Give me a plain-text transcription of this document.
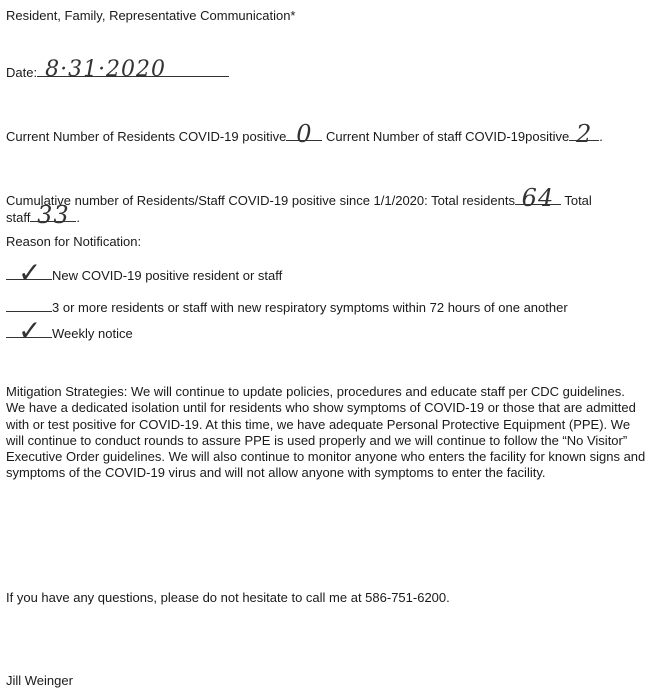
Resident, Family, Representative Communication*
Date: 8·31·2020
Current Number of Residents COVID-19 positive 0 Current Number of staff COVID-19positive 2 .
Cumulative number of Residents/Staff COVID-19 positive since 1/1/2020: Total residents 64 Total
staff 33 .
Reason for Notification:
✓ New COVID-19 positive resident or staff
3 or more residents or staff with new respiratory symptoms within 72 hours of one another
✓ Weekly notice
Mitigation Strategies: We will continue to update policies, procedures and educate staff per CDC guidelines. We have a dedicated isolation until for residents who show symptoms of COVID-19 or those that are admitted with or test positive for COVID-19. At this time, we have adequate Personal Protective Equipment (PPE). We will continue to conduct rounds to assure PPE is used properly and we will continue to follow the “No Visitor” Executive Order guidelines. We will also continue to monitor anyone who enters the facility for known signs and symptoms of the COVID-19 virus and will not allow anyone with symptoms to enter the facility.
If you have any questions, please do not hesitate to call me at 586-751-6200.
Jill Weinger
